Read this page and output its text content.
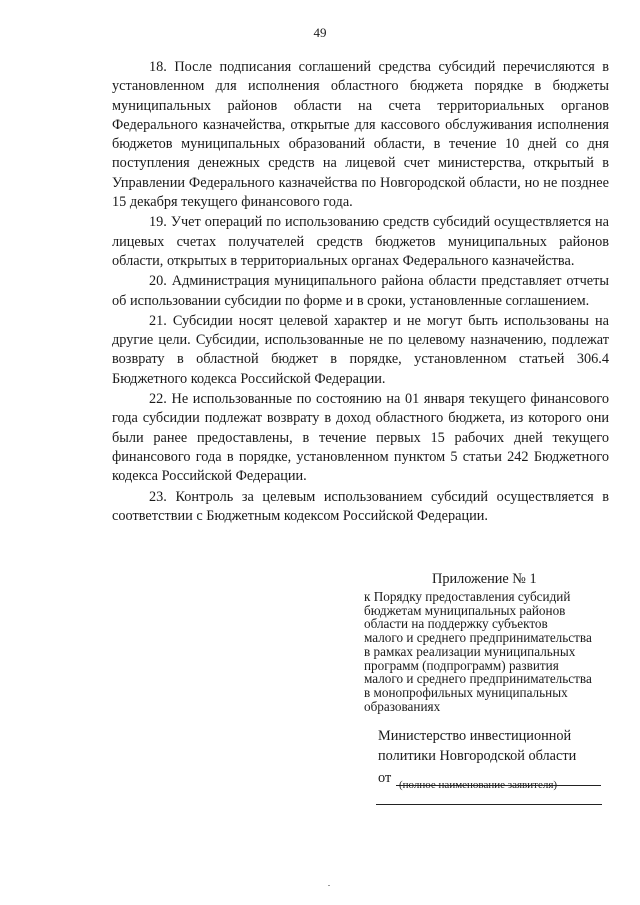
49

18. После подписания соглашений средства субсидий перечисляются в установленном для исполнения областного бюджета порядке в бюджеты муниципальных районов области на счета территориальных органов Федерального казначейства, открытые для кассового обслуживания исполнения бюджетов муниципальных образований области, в течение 10 дней со дня поступления денежных средств на лицевой счет министерства, открытый в Управлении Федерального казначейства по Новгородской области, но не позднее 15 декабря текущего финансового года.

19. Учет операций по использованию средств субсидий осуществляется на лицевых счетах получателей средств бюджетов муниципальных районов области, открытых в территориальных органах Федерального казначейства.

20. Администрация муниципального района области представляет отчеты об использовании субсидии по форме и в сроки, установленные соглашением.

21. Субсидии носят целевой характер и не могут быть использованы на другие цели. Субсидии, использованные не по целевому назначению, подлежат возврату в областной бюджет в порядке, установленном статьей 306.4 Бюджетного кодекса Российской Федерации.

22. Не использованные по состоянию на 01 января текущего финансового года субсидии подлежат возврату в доход областного бюджета, из которого они были ранее предоставлены, в течение первых 15 рабочих дней текущего финансового года в порядке, установленном пунктом 5 статьи 242 Бюджетного кодекса Российской Федерации.

23. Контроль за целевым использованием субсидий осуществляется в соответствии с Бюджетным кодексом Российской Федерации.

Приложение № 1
к Порядку предоставления субсидий
бюджетам муниципальных районов
области на поддержку субъектов
малого и среднего предпринимательства
в рамках реализации муниципальных
программ (подпрограмм) развития
малого и среднего предпринимательства
в монопрофильных муниципальных
образованиях
Министерство инвестиционной
политики Новгородской области
от (полное наименование заявителя)
